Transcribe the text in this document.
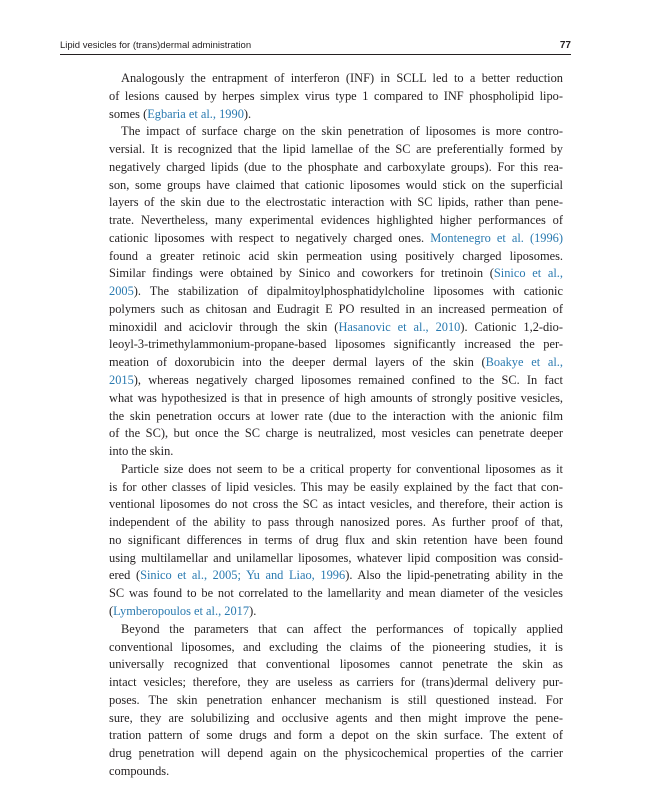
Lipid vesicles for (trans)dermal administration	77
Analogously the entrapment of interferon (INF) in SCLL led to a better reduction
of lesions caused by herpes simplex virus type 1 compared to INF phospholipid lipo-
somes (Egbaria et al., 1990).
The impact of surface charge on the skin penetration of liposomes is more contro-
versial. It is recognized that the lipid lamellae of the SC are preferentially formed by
negatively charged lipids (due to the phosphate and carboxylate groups). For this rea-
son, some groups have claimed that cationic liposomes would stick on the superficial
layers of the skin due to the electrostatic interaction with SC lipids, rather than pene-
trate. Nevertheless, many experimental evidences highlighted higher performances of
cationic liposomes with respect to negatively charged ones. Montenegro et al. (1996)
found a greater retinoic acid skin permeation using positively charged liposomes.
Similar findings were obtained by Sinico and coworkers for tretinoin (Sinico et al.,
2005). The stabilization of dipalmitoylphosphatidylcholine liposomes with cationic
polymers such as chitosan and Eudragit E PO resulted in an increased permeation of
minoxidil and aciclovir through the skin (Hasanovic et al., 2010). Cationic 1,2-dio-
leoyl-3-trimethylammonium-propane-based liposomes significantly increased the per-
meation of doxorubicin into the deeper dermal layers of the skin (Boakye et al.,
2015), whereas negatively charged liposomes remained confined to the SC. In fact
what was hypothesized is that in presence of high amounts of strongly positive vesicles,
the skin penetration occurs at lower rate (due to the interaction with the anionic film
of the SC), but once the SC charge is neutralized, most vesicles can penetrate deeper
into the skin.
Particle size does not seem to be a critical property for conventional liposomes as it
is for other classes of lipid vesicles. This may be easily explained by the fact that con-
ventional liposomes do not cross the SC as intact vesicles, and therefore, their action is
independent of the ability to pass through nanosized pores. As further proof of that,
no significant differences in terms of drug flux and skin retention have been found
using multilamellar and unilamellar liposomes, whatever lipid composition was consid-
ered (Sinico et al., 2005; Yu and Liao, 1996). Also the lipid-penetrating ability in the
SC was found to be not correlated to the lamellarity and mean diameter of the vesicles
(Lymberopoulos et al., 2017).
Beyond the parameters that can affect the performances of topically applied
conventional liposomes, and excluding the claims of the pioneering studies, it is
universally recognized that conventional liposomes cannot penetrate the skin as
intact vesicles; therefore, they are useless as carriers for (trans)dermal delivery pur-
poses. The skin penetration enhancer mechanism is still questioned instead. For
sure, they are solubilizing and occlusive agents and then might improve the pene-
tration pattern of some drugs and form a depot on the skin surface. The extent of
drug penetration will depend again on the physicochemical properties of the carrier
compounds.
